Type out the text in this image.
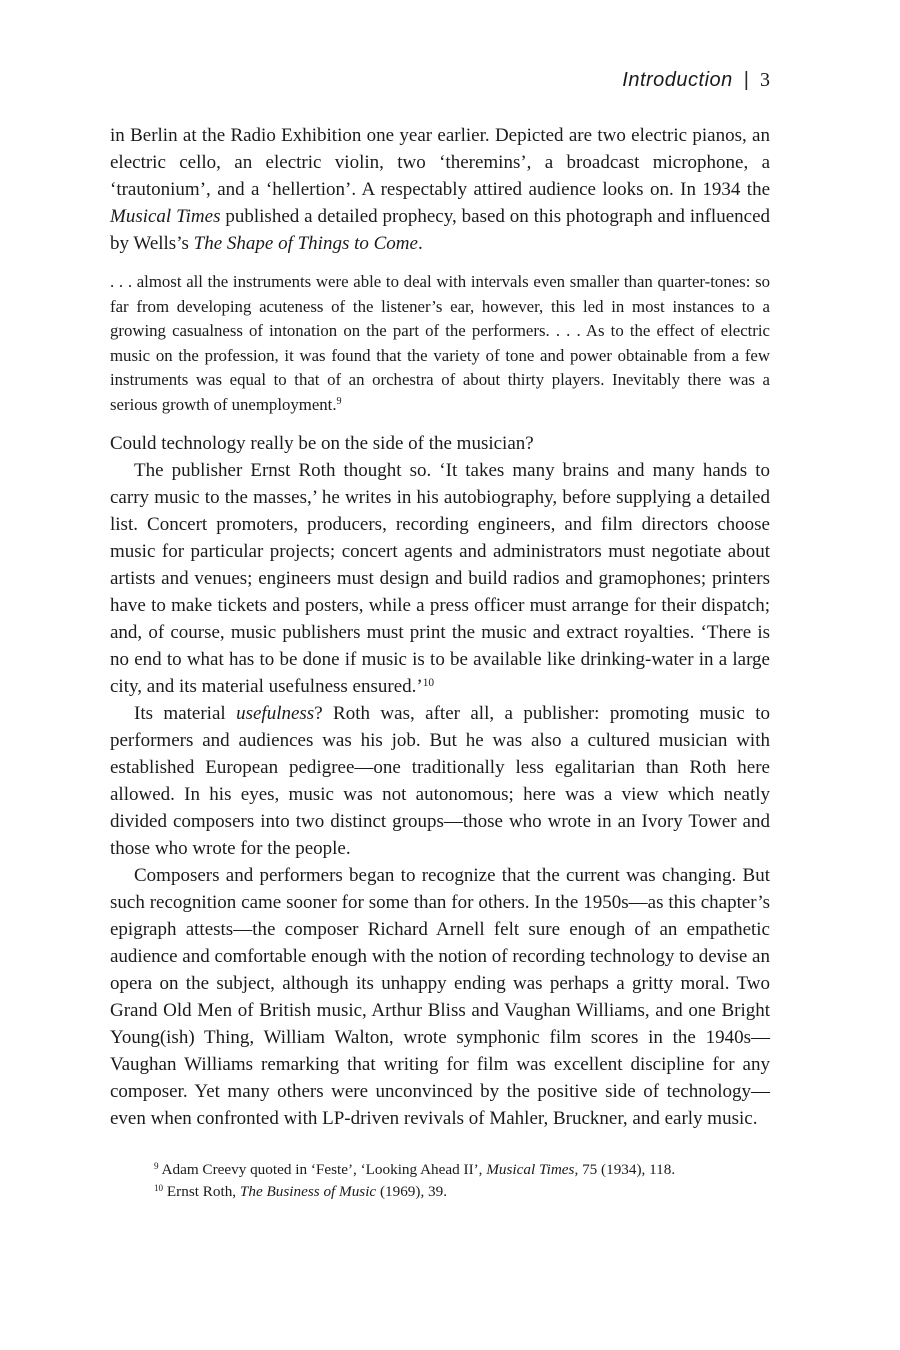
Introduction | 3

in Berlin at the Radio Exhibition one year earlier. Depicted are two electric pianos, an electric cello, an electric violin, two ‘theremins’, a broadcast microphone, a ‘trautonium’, and a ‘hellertion’. A respectably attired audience looks on. In 1934 the Musical Times published a detailed prophecy, based on this photograph and influenced by Wells’s The Shape of Things to Come.

. . . almost all the instruments were able to deal with intervals even smaller than quarter-tones: so far from developing acuteness of the listener’s ear, however, this led in most instances to a growing casualness of intonation on the part of the performers. . . . As to the effect of electric music on the profession, it was found that the variety of tone and power obtainable from a few instruments was equal to that of an orchestra of about thirty players. Inevitably there was a serious growth of unemployment.$^9$

Could technology really be on the side of the musician?

The publisher Ernst Roth thought so. ‘It takes many brains and many hands to carry music to the masses,’ he writes in his autobiography, before supplying a detailed list. Concert promoters, producers, recording engineers, and film directors choose music for particular projects; concert agents and administrators must negotiate about artists and venues; engineers must design and build radios and gramophones; printers have to make tickets and posters, while a press officer must arrange for their dispatch; and, of course, music publishers must print the music and extract royalties. ‘There is no end to what has to be done if music is to be available like drinking-water in a large city, and its material usefulness ensured.’$^{10}$

Its material usefulness? Roth was, after all, a publisher: promoting music to performers and audiences was his job. But he was also a cultured musician with established European pedigree—one traditionally less egalitarian than Roth here allowed. In his eyes, music was not autonomous; here was a view which neatly divided composers into two distinct groups—those who wrote in an Ivory Tower and those who wrote for the people.

Composers and performers began to recognize that the current was changing. But such recognition came sooner for some than for others. In the 1950s—as this chapter’s epigraph attests—the composer Richard Arnell felt sure enough of an empathetic audience and comfortable enough with the notion of recording technology to devise an opera on the subject, although its unhappy ending was perhaps a gritty moral. Two Grand Old Men of British music, Arthur Bliss and Vaughan Williams, and one Bright Young(ish) Thing, William Walton, wrote symphonic film scores in the 1940s—Vaughan Williams remarking that writing for film was excellent discipline for any composer. Yet many others were unconvinced by the positive side of technology—even when confronted with LP-driven revivals of Mahler, Bruckner, and early music.

$^9$ Adam Creevy quoted in ‘Feste’, ‘Looking Ahead II’, Musical Times, 75 (1934), 118.

$^{10}$ Ernst Roth, The Business of Music (1969), 39.
